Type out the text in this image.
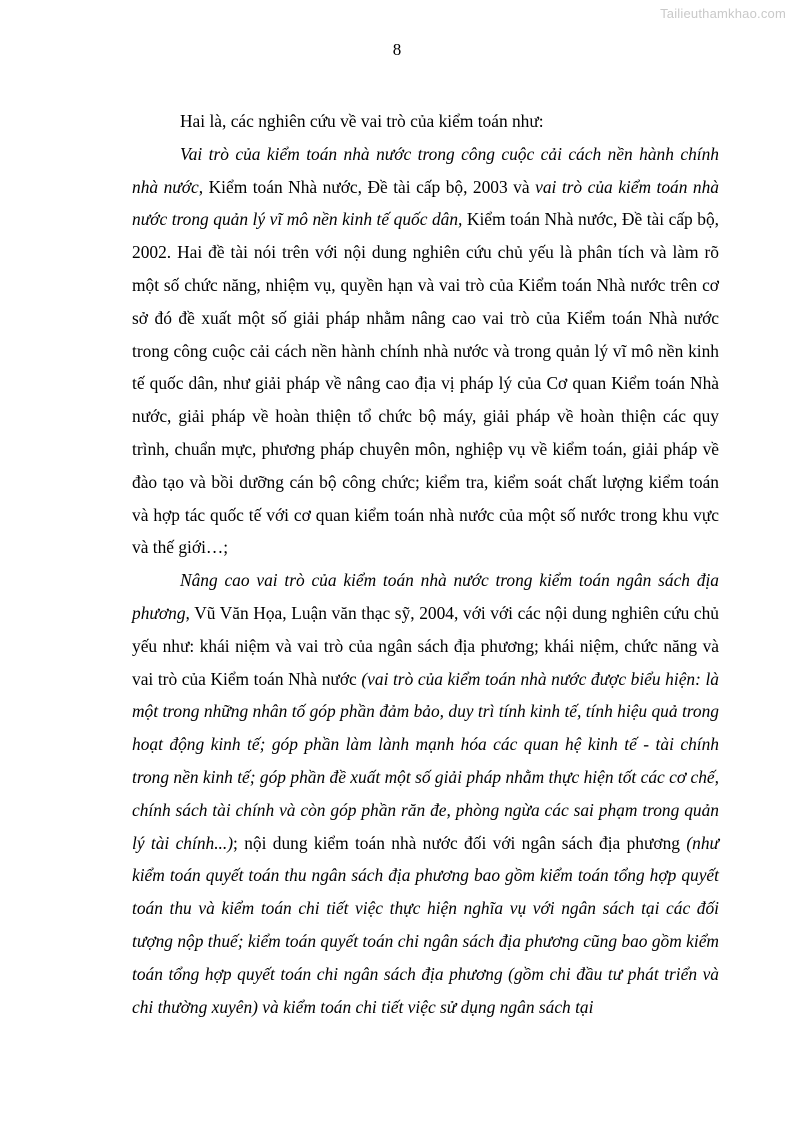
Tailieuthamkhao.com
8

Hai là, các nghiên cứu về vai trò của kiểm toán như:

Vai trò của kiểm toán nhà nước trong công cuộc cải cách nền hành chính nhà nước, Kiểm toán Nhà nước, Đề tài cấp bộ, 2003 và vai trò của kiểm toán nhà nước trong quản lý vĩ mô nền kinh tế quốc dân, Kiểm toán Nhà nước, Đề tài cấp bộ, 2002. Hai đề tài nói trên với nội dung nghiên cứu chủ yếu là phân tích và làm rõ một số chức năng, nhiệm vụ, quyền hạn và vai trò của Kiểm toán Nhà nước trên cơ sở đó đề xuất một số giải pháp nhằm nâng cao vai trò của Kiểm toán Nhà nước trong công cuộc cải cách nền hành chính nhà nước và trong quản lý vĩ mô nền kinh tế quốc dân, như giải pháp về nâng cao địa vị pháp lý của Cơ quan Kiểm toán Nhà nước, giải pháp về hoàn thiện tổ chức bộ máy, giải pháp về hoàn thiện các quy trình, chuẩn mực, phương pháp chuyên môn, nghiệp vụ về kiểm toán, giải pháp về đào tạo và bồi dưỡng cán bộ công chức; kiểm tra, kiểm soát chất lượng kiểm toán và hợp tác quốc tế với cơ quan kiểm toán nhà nước của một số nước trong khu vực và thế giới…;

Nâng cao vai trò của kiểm toán nhà nước trong kiểm toán ngân sách địa phương, Vũ Văn Họa, Luận văn thạc sỹ, 2004, với với các nội dung nghiên cứu chủ yếu như: khái niệm và vai trò của ngân sách địa phương; khái niệm, chức năng và vai trò của Kiểm toán Nhà nước (vai trò của kiểm toán nhà nước được biểu hiện: là một trong những nhân tố góp phần đảm bảo, duy trì tính kinh tế, tính hiệu quả trong hoạt động kinh tế; góp phần làm lành mạnh hóa các quan hệ kinh tế - tài chính trong nền kinh tế; góp phần đề xuất một số giải pháp nhằm thực hiện tốt các cơ chế, chính sách tài chính và còn góp phần răn đe, phòng ngừa các sai phạm trong quản lý tài chính...); nội dung kiểm toán nhà nước đối với ngân sách địa phương (như kiểm toán quyết toán thu ngân sách địa phương bao gồm kiểm toán tổng hợp quyết toán thu và kiểm toán chi tiết việc thực hiện nghĩa vụ với ngân sách tại các đối tượng nộp thuế; kiểm toán quyết toán chi ngân sách địa phương cũng bao gồm kiểm toán tổng hợp quyết toán chi ngân sách địa phương (gồm chi đầu tư phát triển và chi thường xuyên) và kiểm toán chi tiết việc sử dụng ngân sách tại
